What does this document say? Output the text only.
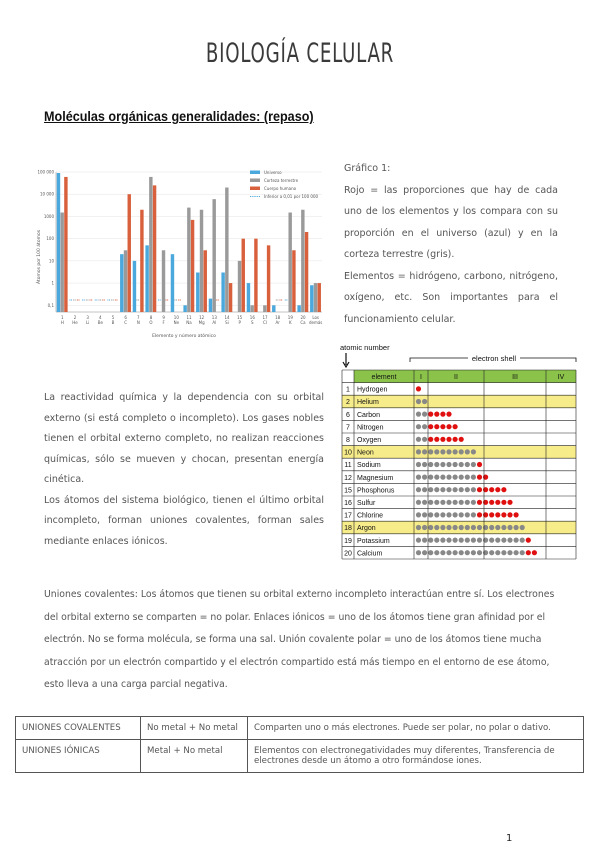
BIOLOGÍA CELULAR
Moléculas orgánicas generalidades: (repaso)
1
H
2
He
3
Li
4
Be
5
B
6
C
7
N
8
O
9
F
10
Ne
11
Na
12
Mg
13
Al
14
Si
15
P
16
S
17
Cl
18
Ar
19
K
20
Ca
Los
demás
100 000
10 000
1000
100
10
1
0,1
Átomos por 100 átomos
Elemento y número atómico
Universo
Corteza terrestre
Cuerpo humano
Inferior a 0,01 por 100 000

Gráfico 1:

Rojo = las proporciones que hay de cada uno de los elementos y los compara con su proporción en el universo (azul) y en la corteza terrestre (gris).

Elementos = hidrógeno, carbono, nitrógeno, oxígeno, etc. Son importantes para el funcionamiento celular.

atomic number
electron shell
element	I	II	III	IV
1 Hydrogen
2 Helium
6 Carbon
7 Nitrogen
8 Oxygen
10 Neon
11 Sodium
12 Magnesium
15 Phosphorus
16 Sulfur
17 Chlorine
18 Argon
19 Potassium
20 Calcium

La reactividad química y la dependencia con su orbital externo (si está completo o incompleto). Los gases nobles tienen el orbital externo completo, no realizan reacciones químicas, sólo se mueven y chocan, presentan energía cinética.

Los átomos del sistema biológico, tienen el último orbital incompleto, forman uniones covalentes, forman sales mediante enlaces iónicos.

Uniones covalentes: Los átomos que tienen su orbital externo incompleto interactúan entre sí. Los electrones del orbital externo se comparten = no polar. Enlaces iónicos = uno de los átomos tiene gran afinidad por el electrón. No se forma molécula, se forma una sal. Unión covalente polar = uno de los átomos tiene mucha atracción por un electrón compartido y el electrón compartido está más tiempo en el entorno de ese átomo, esto lleva a una carga parcial negativa.
UNIONES COVALENTES	No metal + No metal	Comparten uno o más electrones. Puede ser polar, no polar o dativo.
UNIONES IÓNICAS	Metal + No metal	Elementos con electronegatividades muy diferentes, Transferencia de electrones desde un átomo a otro formándose iones.
1
